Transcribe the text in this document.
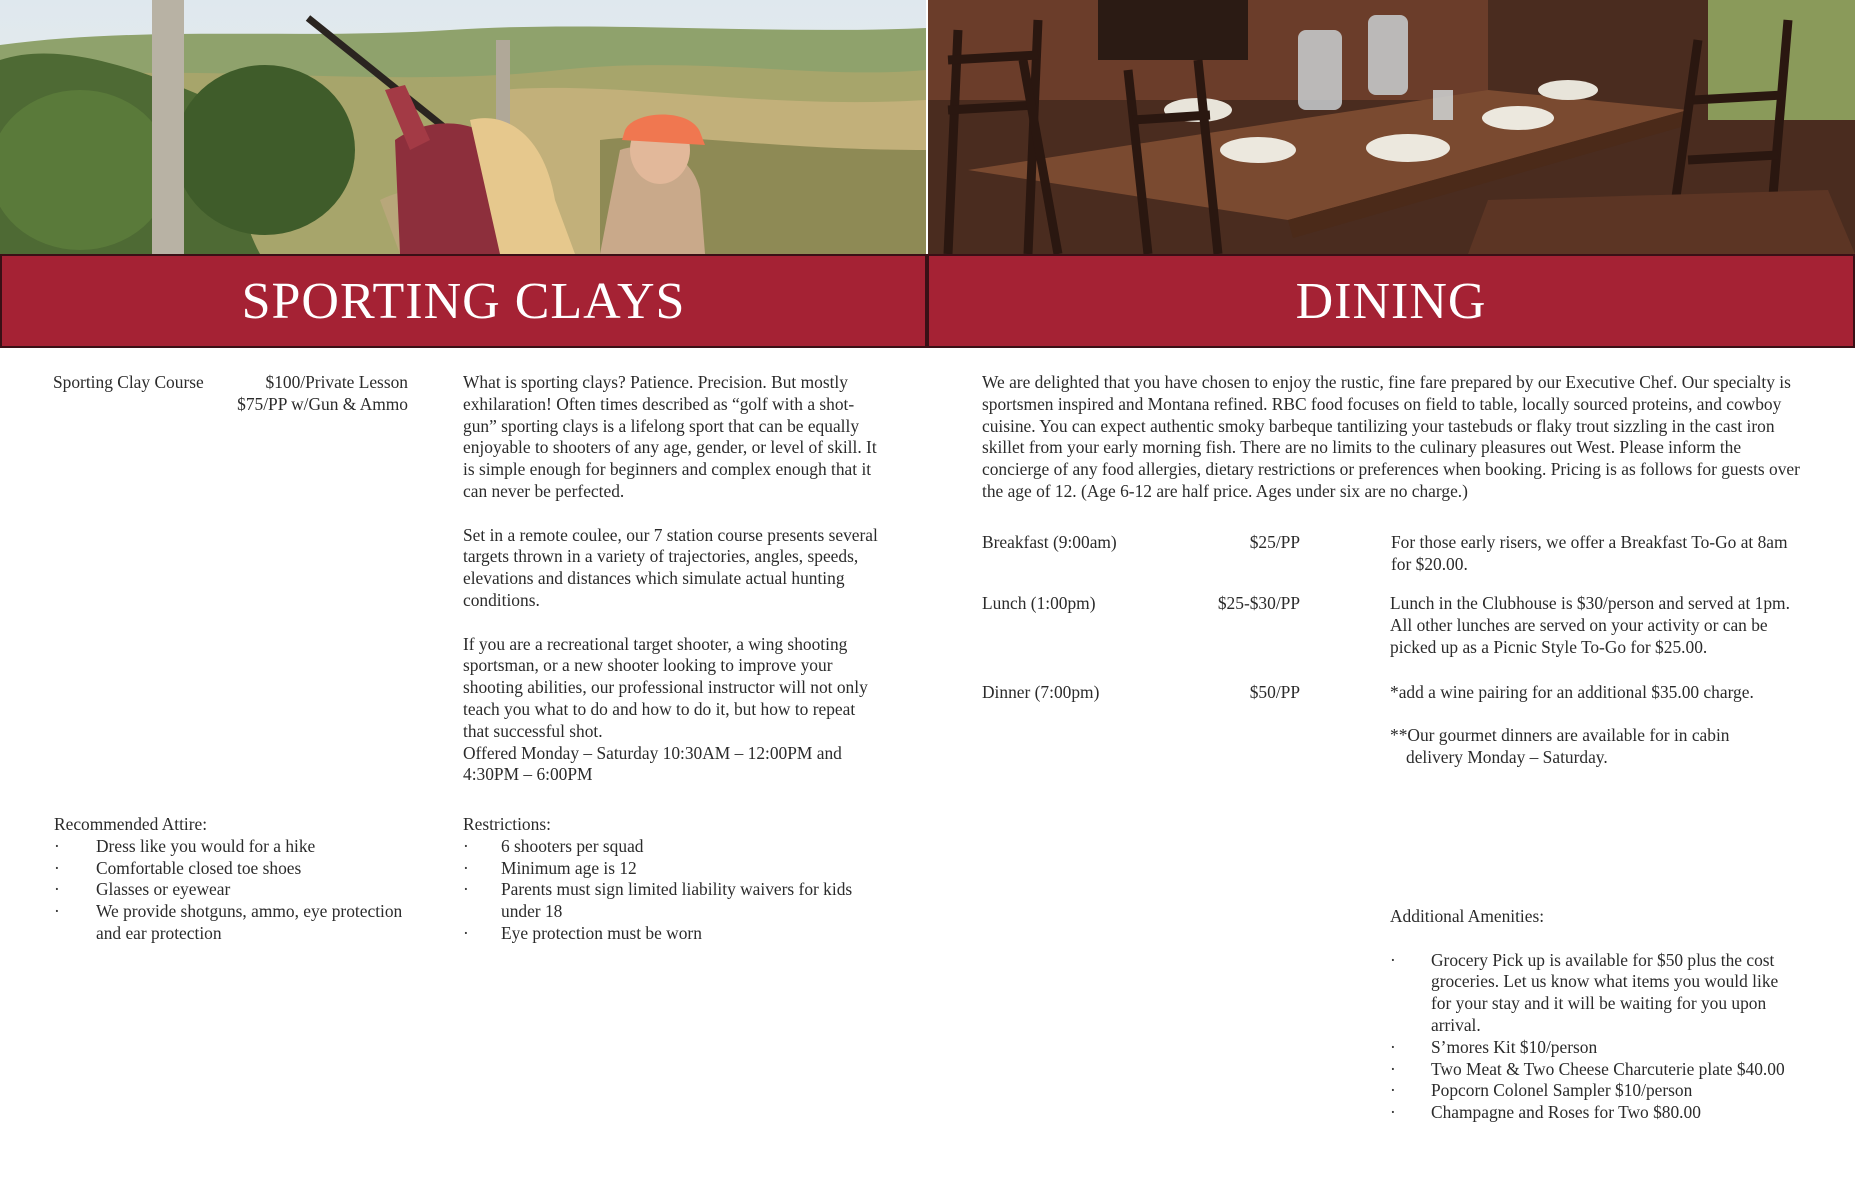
SPORTING CLAYS	DINING
Sporting Clay Course	$100/Private Lesson
$75/PP w/Gun & Ammo

What is sporting clays? Patience. Precision. But mostly exhilaration! Often times described as “golf with a shot-gun” sporting clays is a lifelong sport that can be equally enjoyable to shooters of any age, gender, or level of skill. It is simple enough for beginners and complex enough that it can never be perfected.

Set in a remote coulee, our 7 station course presents several targets thrown in a variety of trajectories, angles, speeds, elevations and distances which simulate actual hunting conditions.

If you are a recreational target shooter, a wing shooting sportsman, or a new shooter looking to improve your shooting abilities, our professional instructor will not only teach you what to do and how to do it, but how to repeat that successful shot.

Offered Monday – Saturday 10:30AM – 12:00PM and 4:30PM – 6:00PM

Recommended Attire:
· Dress like you would for a hike
· Comfortable closed toe shoes
· Glasses or eyewear
· We provide shotguns, ammo, eye protection and ear protection
Restrictions:
· 6 shooters per squad
· Minimum age is 12
· Parents must sign limited liability waivers for kids under 18
· Eye protection must be worn

We are delighted that you have chosen to enjoy the rustic, fine fare prepared by our Executive Chef. Our specialty is sportsmen inspired and Montana refined. RBC food focuses on field to table, locally sourced proteins, and cowboy cuisine. You can expect authentic smoky barbeque tantilizing your tastebuds or flaky trout sizzling in the cast iron skillet from your early morning fish. There are no limits to the culinary pleasures out West. Please inform the concierge of any food allergies, dietary restrictions or preferences when booking. Pricing is as follows for guests over the age of 12. (Age 6-12 are half price. Ages under six are no charge.)

Breakfast (9:00am)	$25/PP	For those early risers, we offer a Breakfast To-Go at 8am for $20.00.
Lunch (1:00pm)	$25-$30/PP	Lunch in the Clubhouse is $30/person and served at 1pm. All other lunches are served on your activity or can be picked up as a Picnic Style To-Go for $25.00.
Dinner (7:00pm)	$50/PP	*add a wine pairing for an additional $35.00 charge.
**Our gourmet dinners are available for in cabin delivery Monday – Saturday.
Additional Amenities:
· Grocery Pick up is available for $50 plus the cost groceries. Let us know what items you would like for your stay and it will be waiting for you upon arrival.
· S’mores Kit $10/person
· Two Meat & Two Cheese Charcuterie plate $40.00
· Popcorn Colonel Sampler $10/person
· Champagne and Roses for Two $80.00
